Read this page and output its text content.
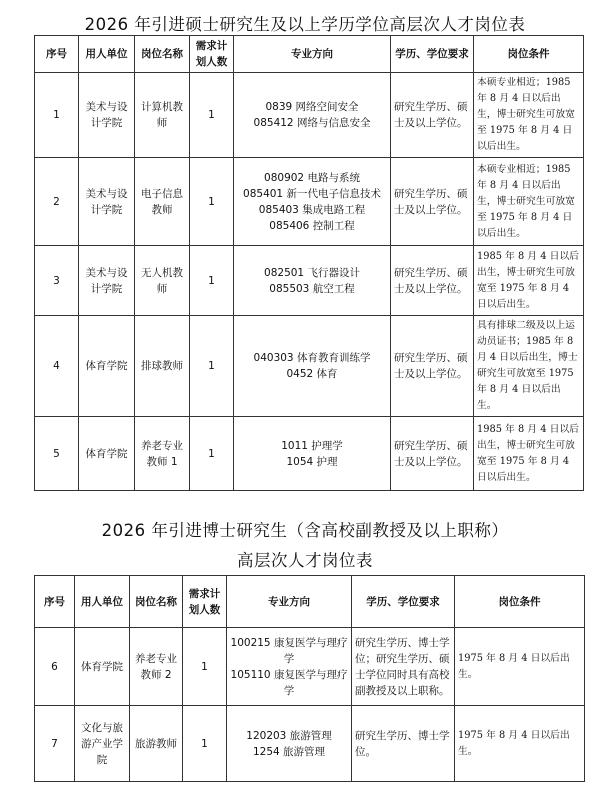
2026 年引进硕士研究生及以上学历学位高层次人才岗位表
序号	用人单位	岗位名称	需求计划人数	专业方向	学历、学位要求	岗位条件
1	美术与设计学院	计算机教师	1	0839 网络空间安全
085412 网络与信息安全	研究生学历、硕士及以上学位。	本硕专业相近；1985 年 8 月 4 日以后出生，博士研究生可放宽至 1975 年 8 月 4 日以后出生。
2	美术与设计学院	电子信息教师	1	080902 电路与系统
085401 新一代电子信息技术
085403 集成电路工程
085406 控制工程	研究生学历、硕士及以上学位。	本硕专业相近；1985 年 8 月 4 日以后出生，博士研究生可放宽至 1975 年 8 月 4 日以后出生。
3	美术与设计学院	无人机教师	1	082501 飞行器设计
085503 航空工程	研究生学历、硕士及以上学位。	1985 年 8 月 4 日以后出生，博士研究生可放宽至 1975 年 8 月 4 日以后出生。
4	体育学院	排球教师	1	040303 体育教育训练学
0452 体育	研究生学历、硕士及以上学位。	具有排球二级及以上运动员证书；1985 年 8 月 4 日以后出生，博士研究生可放宽至 1975 年 8 月 4 日以后出生。
5	体育学院	养老专业教师 1	1	1011 护理学
1054 护理	研究生学历、硕士及以上学位。	1985 年 8 月 4 日以后出生，博士研究生可放宽至 1975 年 8 月 4 日以后出生。
2026 年引进博士研究生（含高校副教授及以上职称）
高层次人才岗位表
序号	用人单位	岗位名称	需求计划人数	专业方向	学历、学位要求	岗位条件
6	体育学院	养老专业教师 2	1	100215 康复医学与理疗学
105110 康复医学与理疗学	研究生学历、博士学位；研究生学历、硕士学位同时具有高校副教授及以上职称。	1975 年 8 月 4 日以后出生。
7	文化与旅游产业学院	旅游教师	1	120203 旅游管理
1254 旅游管理	研究生学历、博士学位。	1975 年 8 月 4 日以后出生。
